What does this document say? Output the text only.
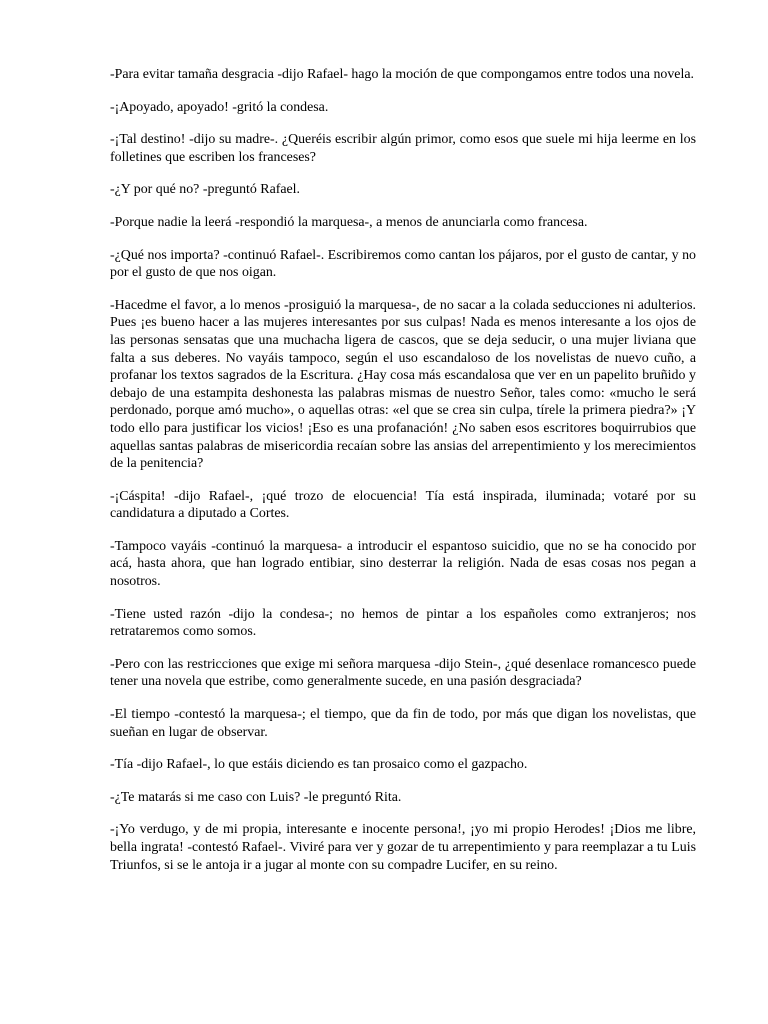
-Para evitar tamaña desgracia -dijo Rafael- hago la moción de que compongamos entre todos una novela.

-¡Apoyado, apoyado! -gritó la condesa.

-¡Tal destino! -dijo su madre-. ¿Queréis escribir algún primor, como esos que suele mi hija leerme en los folletines que escriben los franceses?

-¿Y por qué no? -preguntó Rafael.

-Porque nadie la leerá -respondió la marquesa-, a menos de anunciarla como francesa.

-¿Qué nos importa? -continuó Rafael-. Escribiremos como cantan los pájaros, por el gusto de cantar, y no por el gusto de que nos oigan.

-Hacedme el favor, a lo menos -prosiguió la marquesa-, de no sacar a la colada seducciones ni adulterios. Pues ¡es bueno hacer a las mujeres interesantes por sus culpas! Nada es menos interesante a los ojos de las personas sensatas que una muchacha ligera de cascos, que se deja seducir, o una mujer liviana que falta a sus deberes. No vayáis tampoco, según el uso escandaloso de los novelistas de nuevo cuño, a profanar los textos sagrados de la Escritura. ¿Hay cosa más escandalosa que ver en un papelito bruñido y debajo de una estampita deshonesta las palabras mismas de nuestro Señor, tales como: «mucho le será perdonado, porque amó mucho», o aquellas otras: «el que se crea sin culpa, tírele la primera piedra?» ¡Y todo ello para justificar los vicios! ¡Eso es una profanación! ¿No saben esos escritores boquirrubios que aquellas santas palabras de misericordia recaían sobre las ansias del arrepentimiento y los merecimientos de la penitencia?

-¡Cáspita! -dijo Rafael-, ¡qué trozo de elocuencia! Tía está inspirada, iluminada; votaré por su candidatura a diputado a Cortes.

-Tampoco vayáis -continuó la marquesa- a introducir el espantoso suicidio, que no se ha conocido por acá, hasta ahora, que han logrado entibiar, sino desterrar la religión. Nada de esas cosas nos pegan a nosotros.

-Tiene usted razón -dijo la condesa-; no hemos de pintar a los españoles como extranjeros; nos retrataremos como somos.

-Pero con las restricciones que exige mi señora marquesa -dijo Stein-, ¿qué desenlace romancesco puede tener una novela que estribe, como generalmente sucede, en una pasión desgraciada?

-El tiempo -contestó la marquesa-; el tiempo, que da fin de todo, por más que digan los novelistas, que sueñan en lugar de observar.

-Tía -dijo Rafael-, lo que estáis diciendo es tan prosaico como el gazpacho.

-¿Te matarás si me caso con Luis? -le preguntó Rita.

-¡Yo verdugo, y de mi propia, interesante e inocente persona!, ¡yo mi propio Herodes! ¡Dios me libre, bella ingrata! -contestó Rafael-. Viviré para ver y gozar de tu arrepentimiento y para reemplazar a tu Luis Triunfos, si se le antoja ir a jugar al monte con su compadre Lucifer, en su reino.
